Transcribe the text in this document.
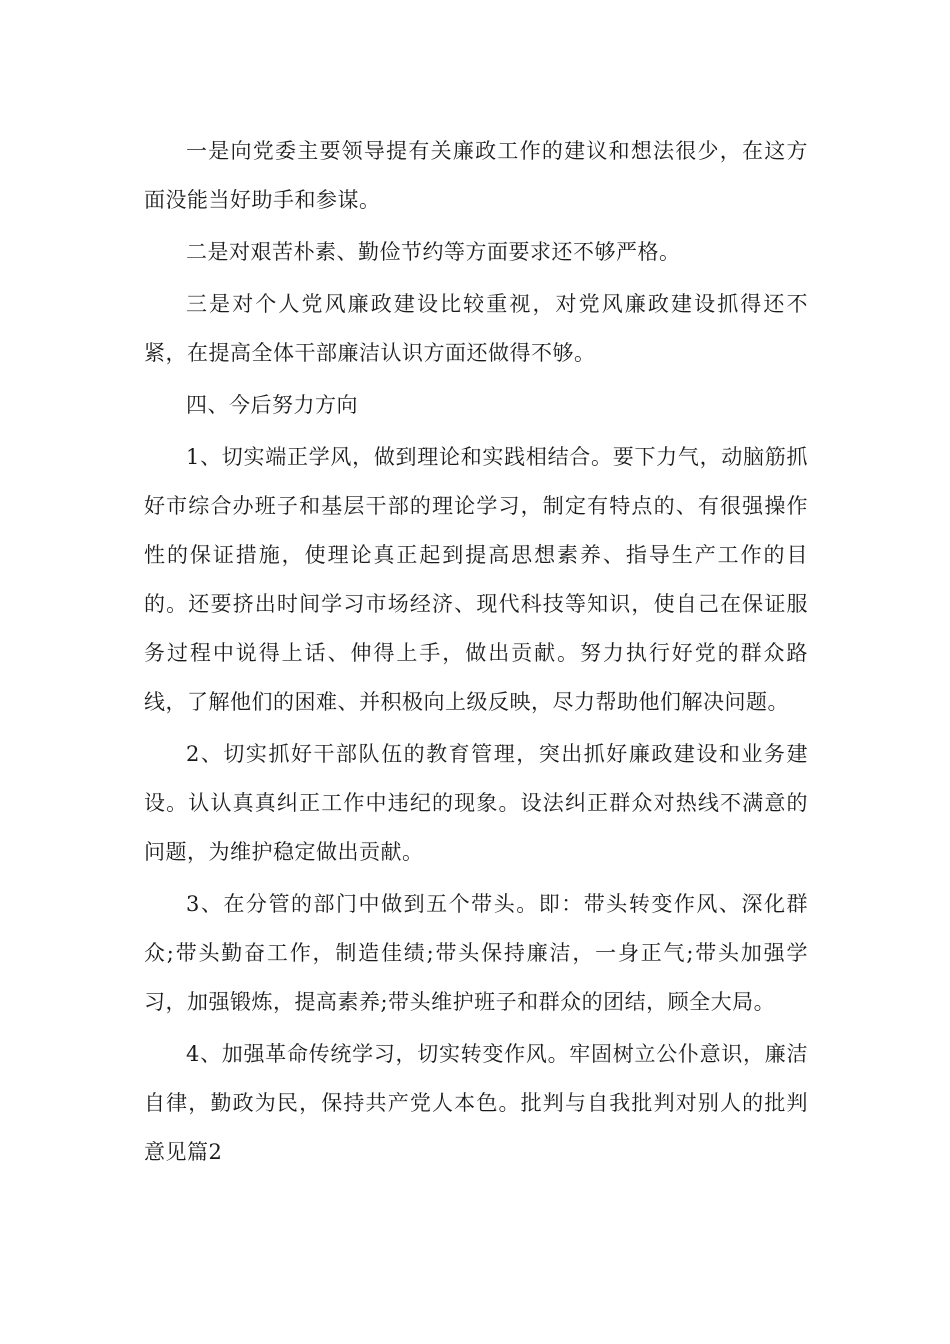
一是向党委主要领导提有关廉政工作的建议和想法很少，在这方面没能当好助手和参谋。

二是对艰苦朴素、勤俭节约等方面要求还不够严格。

三是对个人党风廉政建设比较重视，对党风廉政建设抓得还不紧，在提高全体干部廉洁认识方面还做得不够。

四、今后努力方向

1、切实端正学风，做到理论和实践相结合。要下力气，动脑筋抓好市综合办班子和基层干部的理论学习，制定有特点的、有很强操作性的保证措施，使理论真正起到提高思想素养、指导生产工作的目的。还要挤出时间学习市场经济、现代科技等知识，使自己在保证服务过程中说得上话、伸得上手，做出贡献。努力执行好党的群众路线，了解他们的困难、并积极向上级反映，尽力帮助他们解决问题。

2、切实抓好干部队伍的教育管理，突出抓好廉政建设和业务建设。认认真真纠正工作中违纪的现象。设法纠正群众对热线不满意的问题，为维护稳定做出贡献。

3、在分管的部门中做到五个带头。即：带头转变作风、深化群众;带头勤奋工作，制造佳绩;带头保持廉洁，一身正气;带头加强学习，加强锻炼，提高素养;带头维护班子和群众的团结，顾全大局。

4、加强革命传统学习，切实转变作风。牢固树立公仆意识，廉洁自律，勤政为民，保持共产党人本色。批判与自我批判对别人的批判意见篇2
